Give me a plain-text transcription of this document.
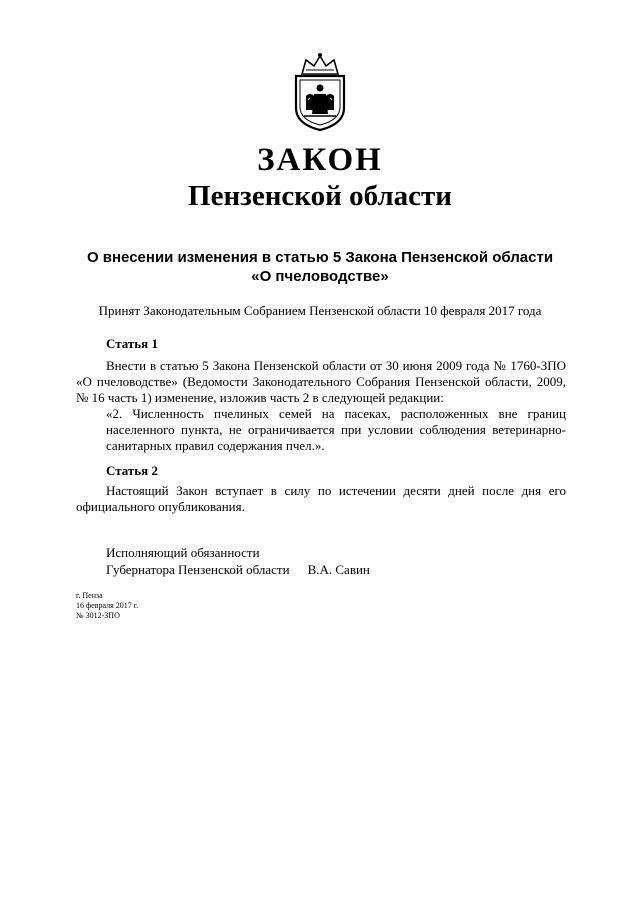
ЗАКОН
Пензенской области
О внесении изменения в статью 5 Закона Пензенской области
«О пчеловодстве»
Принят Законодательным Собранием Пензенской области 10 февраля 2017 года
Статья 1

Внести в статью 5 Закона Пензенской области от 30 июня 2009 года № 1760-ЗПО «О пчеловодстве» (Ведомости Законодательного Собрания Пензенской области, 2009, № 16 часть 1) изменение, изложив часть 2 в следующей редакции:

«2. Численность пчелиных семей на пасеках, расположенных вне границ населенного пункта, не ограничивается при условии соблюдения ветеринарно-санитарных правил содержания пчел.».

Статья 2

Настоящий Закон вступает в силу по истечении десяти дней после дня его официального опубликования.

Исполняющий обязанности
Губернатора Пензенской области В.А. Савин
г. Пенза
16 февраля 2017 г.
№ 3012-ЗПО
